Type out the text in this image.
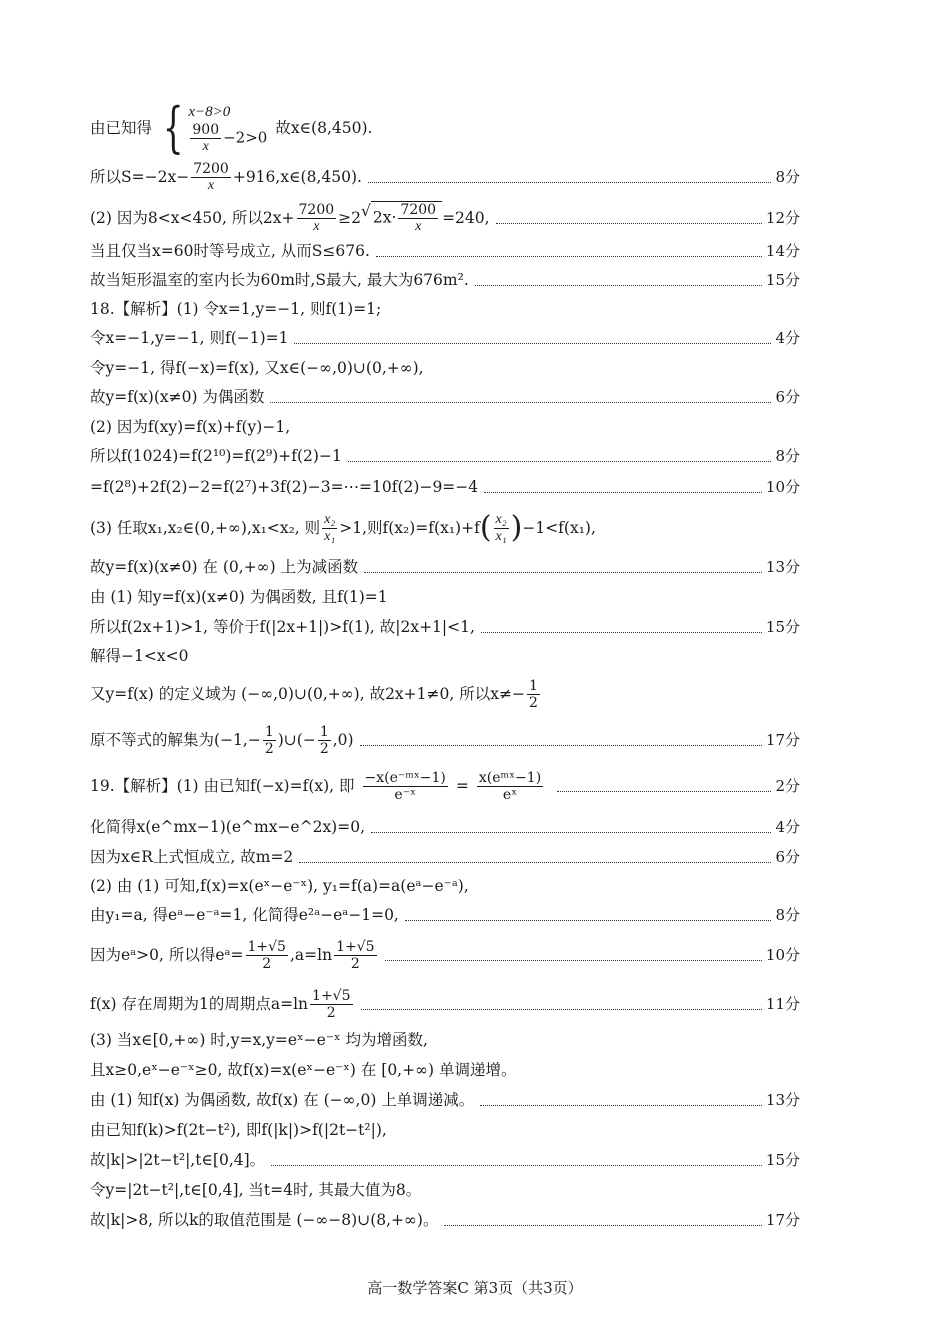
由已知得 { x−8>0
$\frac{900}{x} -2>0$ 故x∈(8,450).
所以$S=-2x- \frac{7200}{x}$ +916,x∈(8,450).	8分
(2) 因为8<x<450, 所以$2x+ \frac{7200}{x} \ge 2$ √ $2x\cdot \frac{7200}{x} =240$,	12分
当且仅当x=60时等号成立, 从而S≤676.	14分
故当矩形温室的室内长为60m时,S最大, 最大为676m².	15分
18.【解析】(1) 令x=1,y=−1, 则f(1)=1;
令x=−1,y=−1, 则f(−1)=1	4分
令y=−1, 得f(−x)=f(x), 又x∈(−∞,0)∪(0,+∞),
故y=f(x)(x≠0) 为偶函数	6分
(2) 因为f(xy)=f(x)+f(y)−1,
所以f(1024)=f(2¹⁰)=f(2⁹)+f(2)−1	8分
=f(2⁸)+2f(2)−2=f(2⁷)+3f(2)−3=⋯=10f(2)−9=−4	10分
(3) 任取x₁,x₂∈(0,+∞),x₁<x₂, 则 $\frac{\text{x₂}}{\text{x₁}} >1$,则f(x₂)=f(x₁)+f ( $\frac{\text{x₂}}{\text{x₁}}$ ) −1<f(x₁),
故y=f(x)(x≠0) 在 (0,+∞) 上为减函数	13分
由 (1) 知y=f(x)(x≠0) 为偶函数, 且f(1)=1
所以f(2x+1)>1, 等价于f(|2x+1|)>f(1), 故|2x+1|<1,	15分
解得−1<x<0
又y=f(x) 的定义域为 (−∞,0)∪(0,+∞), 故2x+1≠0, 所以$x\ne- \frac{1}{2}$
原不等式的解集为 ($-1,- \frac{1}{2}$ )∪(− $\frac{1}{2} ,0$)	17分
19.【解析】(1) 由已知f(−x)=f(x), 即 $\frac{\text{−x(e⁻ᵐˣ−1)}}{\text{e⁻ˣ}} = \frac{\text{x(eᵐˣ−1)}}{\text{eˣ}}$	2分
化简得x(e^mx−1)(e^mx−e^2x)=0,	4分
因为x∈R上式恒成立, 故m=2	6分
(2) 由 (1) 可知,f(x)=x(eˣ−e⁻ˣ), y₁=f(a)=a(eᵃ−e⁻ᵃ),
由y₁=a, 得eᵃ−e⁻ᵃ=1, 化简得e²ᵃ−eᵃ−1=0,	8分
因为eᵃ>0, 所以得eᵃ= $\frac{1+√5}{2} ,a=\ln \frac{1+√5}{2}$	10分
f(x) 存在周期为1的周期点$a=\ln \frac{1+√5}{2}$	11分
(3) 当x∈[0,+∞) 时,y=x,y=eˣ−e⁻ˣ 均为增函数,
且x≥0,eˣ−e⁻ˣ≥0, 故f(x)=x(eˣ−e⁻ˣ) 在 [0,+∞) 单调递增。
由 (1) 知f(x) 为偶函数, 故f(x) 在 (−∞,0) 上单调递减。	13分
由已知f(k)>f(2t−t²), 即f(|k|)>f(|2t−t²|),
故|k|>|2t−t²|,t∈[0,4]。	15分
令y=|2t−t²|,t∈[0,4], 当t=4时, 其最大值为8。
故|k|>8, 所以k的取值范围是 (−∞−8)∪(8,+∞)。	17分
高一数学答案C 第3页（共3页）
